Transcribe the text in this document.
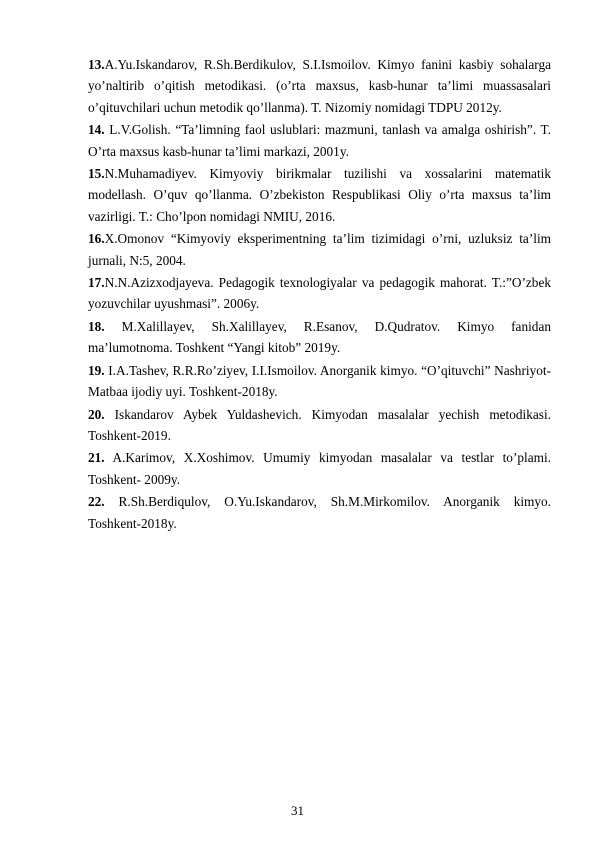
13.A.Yu.Iskandarov, R.Sh.Berdikulov, S.I.Ismoilov. Kimyo fanini kasbiy sohalarga yo’naltirib o’qitish metodikasi. (o’rta maxsus, kasb-hunar ta’limi muassasalari o’qituvchilari uchun metodik qo’llanma). T. Nizomiy nomidagi TDPU 2012y.
14. L.V.Golish. “Ta’limning faol uslublari: mazmuni, tanlash va amalga oshirish”. T. O’rta maxsus kasb-hunar ta’limi markazi, 2001y.
15.N.Muhamadiyev. Kimyoviy birikmalar tuzilishi va xossalarini matematik modellash. O’quv qo’llanma. O’zbekiston Respublikasi Oliy o’rta maxsus ta’lim vazirligi. T.: Cho’lpon nomidagi NMIU, 2016.
16.X.Omonov “Kimyoviy eksperimentning ta’lim tizimidagi o’rni, uzluksiz ta’lim jurnali, N:5, 2004.
17.N.N.Azizxodjayeva. Pedagogik texnologiyalar va pedagogik mahorat. T.:”O’zbek yozuvchilar uyushmasi”. 2006y.
18. M.Xalillayev, Sh.Xalillayev, R.Esanov, D.Qudratov. Kimyo fanidan ma’lumotnoma. Toshkent “Yangi kitob” 2019y.
19. I.A.Tashev, R.R.Ro’ziyev, I.I.Ismoilov. Anorganik kimyo. “O’qituvchi” Nashriyot-Matbaa ijodiy uyi. Toshkent-2018y.
20. Iskandarov Aybek Yuldashevich. Kimyodan masalalar yechish metodikasi. Toshkent-2019.
21. A.Karimov, X.Xoshimov. Umumiy kimyodan masalalar va testlar to’plami. Toshkent- 2009y.
22. R.Sh.Berdiqulov, O.Yu.Iskandarov, Sh.M.Mirkomilov. Anorganik kimyo. Toshkent-2018y.
31
